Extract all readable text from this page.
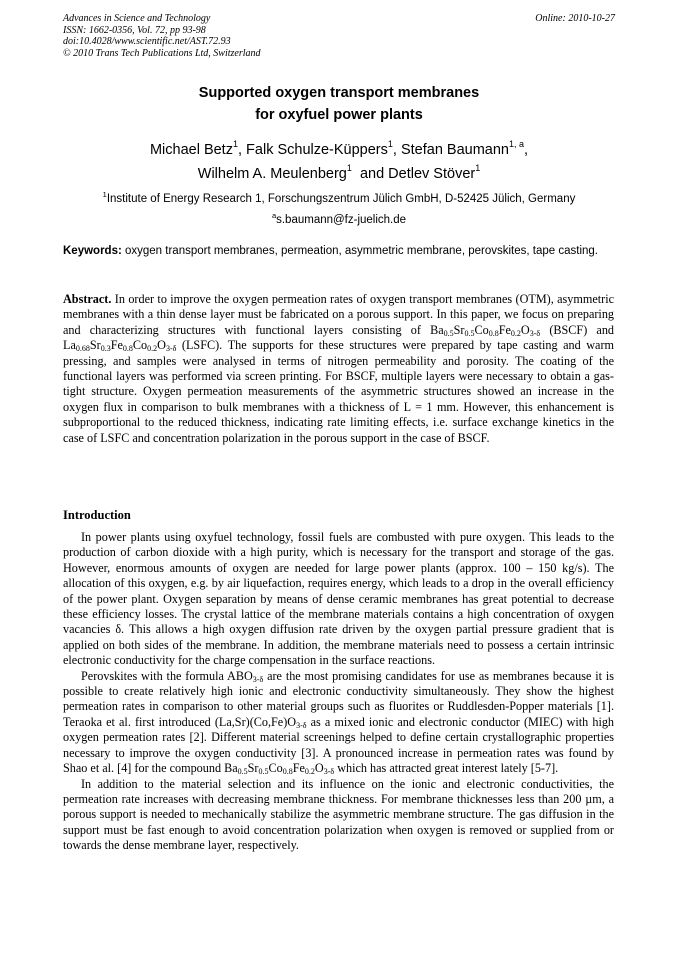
Advances in Science and Technology
ISSN: 1662-0356, Vol. 72, pp 93-98
doi:10.4028/www.scientific.net/AST.72.93
© 2010 Trans Tech Publications Ltd, Switzerland
Online: 2010-10-27
Supported oxygen transport membranes
for oxyfuel power plants
Michael Betz$^1$, Falk Schulze-Küppers$^1$, Stefan Baumann$^{1, a}$,
Wilhelm A. Meulenberg$^1$ and Detlev Stöver$^1$
$^1$Institute of Energy Research 1, Forschungszentrum Jülich GmbH, D-52425 Jülich, Germany
$^a$s.baumann@fz-juelich.de
Keywords: oxygen transport membranes, permeation, asymmetric membrane, perovskites, tape casting.
Abstract. In order to improve the oxygen permeation rates of oxygen transport membranes (OTM), asymmetric membranes with a thin dense layer must be fabricated on a porous support. In this paper, we focus on preparing and characterizing structures with functional layers consisting of $Ba_{0.5}Sr_{0.5}Co_{0.8}Fe_{0.2}O_{3-\delta}$ (BSCF) and $La_{0.68}Sr_{0.3}Fe_{0.8}Co_{0.2}O_{3-\delta}$ (LSFC). The supports for these structures were prepared by tape casting and warm pressing, and samples were analysed in terms of nitrogen permeability and porosity. The coating of the functional layers was performed via screen printing. For BSCF, multiple layers were necessary to obtain a gas-tight structure. Oxygen permeation measurements of the asymmetric structures showed an increase in the oxygen flux in comparison to bulk membranes with a thickness of L = 1 mm. However, this enhancement is subproportional to the reduced thickness, indicating rate limiting effects, i.e. surface exchange kinetics in the case of LSFC and concentration polarization in the porous support in the case of BSCF.
Introduction

In power plants using oxyfuel technology, fossil fuels are combusted with pure oxygen. This leads to the production of carbon dioxide with a high purity, which is necessary for the transport and storage of the gas. However, enormous amounts of oxygen are needed for large power plants (approx. 100 – 150 kg/s). The allocation of this oxygen, e.g. by air liquefaction, requires energy, which leads to a drop in the overall efficiency of the power plant. Oxygen separation by means of dense ceramic membranes has great potential to decrease these efficiency losses. The crystal lattice of the membrane materials contains a high concentration of oxygen vacancies δ. This allows a high oxygen diffusion rate driven by the oxygen partial pressure gradient that is applied on both sides of the membrane. In addition, the membrane materials need to possess a certain intrinsic electronic conductivity for the charge compensation in the surface reactions.

Perovskites with the formula $ABO_{3-\delta}$ are the most promising candidates for use as membranes because it is possible to create relatively high ionic and electronic conductivity simultaneously. They show the highest permeation rates in comparison to other material groups such as fluorites or Ruddlesden-Popper materials [1]. Teraoka et al. first introduced $(La,Sr)(Co,Fe)O_{3-\delta}$ as a mixed ionic and electronic conductor (MIEC) with high oxygen permeation rates [2]. Different material screenings helped to define certain crystallographic properties necessary to improve the oxygen conductivity [3]. A pronounced increase in permeation rates was found by Shao et al. [4] for the compound $Ba_{0.5}Sr_{0.5}Co_{0.8}Fe_{0.2}O_{3-\delta}$ which has attracted great interest lately [5-7].

In addition to the material selection and its influence on the ionic and electronic conductivities, the permeation rate increases with decreasing membrane thickness. For membrane thicknesses less than 200 µm, a porous support is needed to mechanically stabilize the asymmetric membrane structure. The gas diffusion in the support must be fast enough to avoid concentration polarization when oxygen is removed or supplied from or towards the dense membrane layer, respectively.
